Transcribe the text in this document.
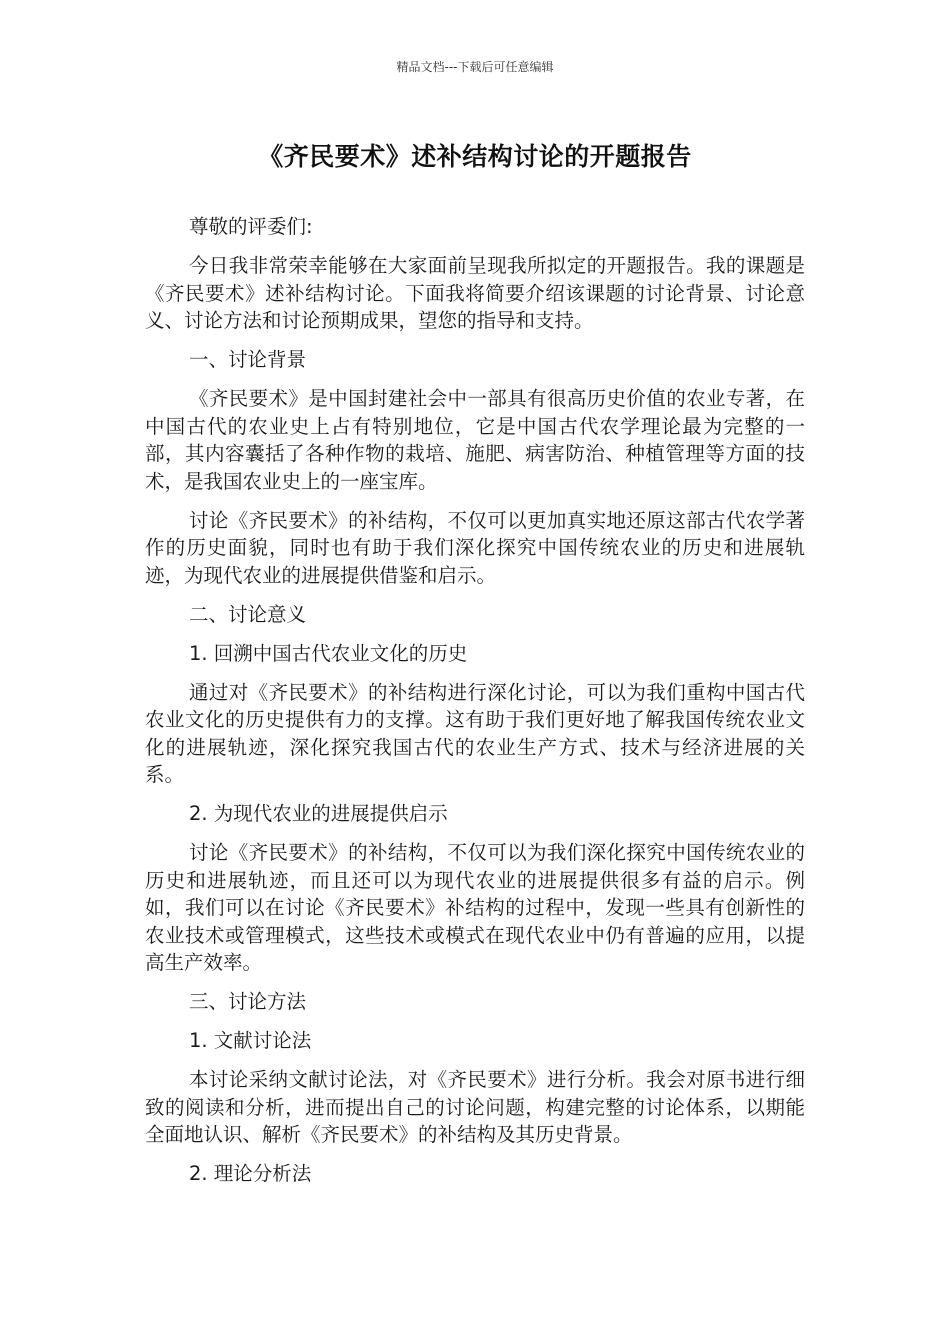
精品文档---下载后可任意编辑
《齐民要术》述补结构讨论的开题报告

尊敬的评委们:

今日我非常荣幸能够在大家面前呈现我所拟定的开题报告。我的课题是《齐民要术》述补结构讨论。下面我将简要介绍该课题的讨论背景、讨论意义、讨论方法和讨论预期成果，望您的指导和支持。

一、讨论背景

《齐民要术》是中国封建社会中一部具有很高历史价值的农业专著，在中国古代的农业史上占有特别地位，它是中国古代农学理论最为完整的一部，其内容囊括了各种作物的栽培、施肥、病害防治、种植管理等方面的技术，是我国农业史上的一座宝库。

讨论《齐民要术》的补结构，不仅可以更加真实地还原这部古代农学著作的历史面貌，同时也有助于我们深化探究中国传统农业的历史和进展轨迹，为现代农业的进展提供借鉴和启示。

二、讨论意义

1. 回溯中国古代农业文化的历史

通过对《齐民要术》的补结构进行深化讨论，可以为我们重构中国古代农业文化的历史提供有力的支撑。这有助于我们更好地了解我国传统农业文化的进展轨迹，深化探究我国古代的农业生产方式、技术与经济进展的关系。

2. 为现代农业的进展提供启示

讨论《齐民要术》的补结构，不仅可以为我们深化探究中国传统农业的历史和进展轨迹，而且还可以为现代农业的进展提供很多有益的启示。例如，我们可以在讨论《齐民要术》补结构的过程中，发现一些具有创新性的农业技术或管理模式，这些技术或模式在现代农业中仍有普遍的应用，以提高生产效率。

三、讨论方法

1. 文献讨论法

本讨论采纳文献讨论法，对《齐民要术》进行分析。我会对原书进行细致的阅读和分析，进而提出自己的讨论问题，构建完整的讨论体系，以期能全面地认识、解析《齐民要术》的补结构及其历史背景。

2. 理论分析法
